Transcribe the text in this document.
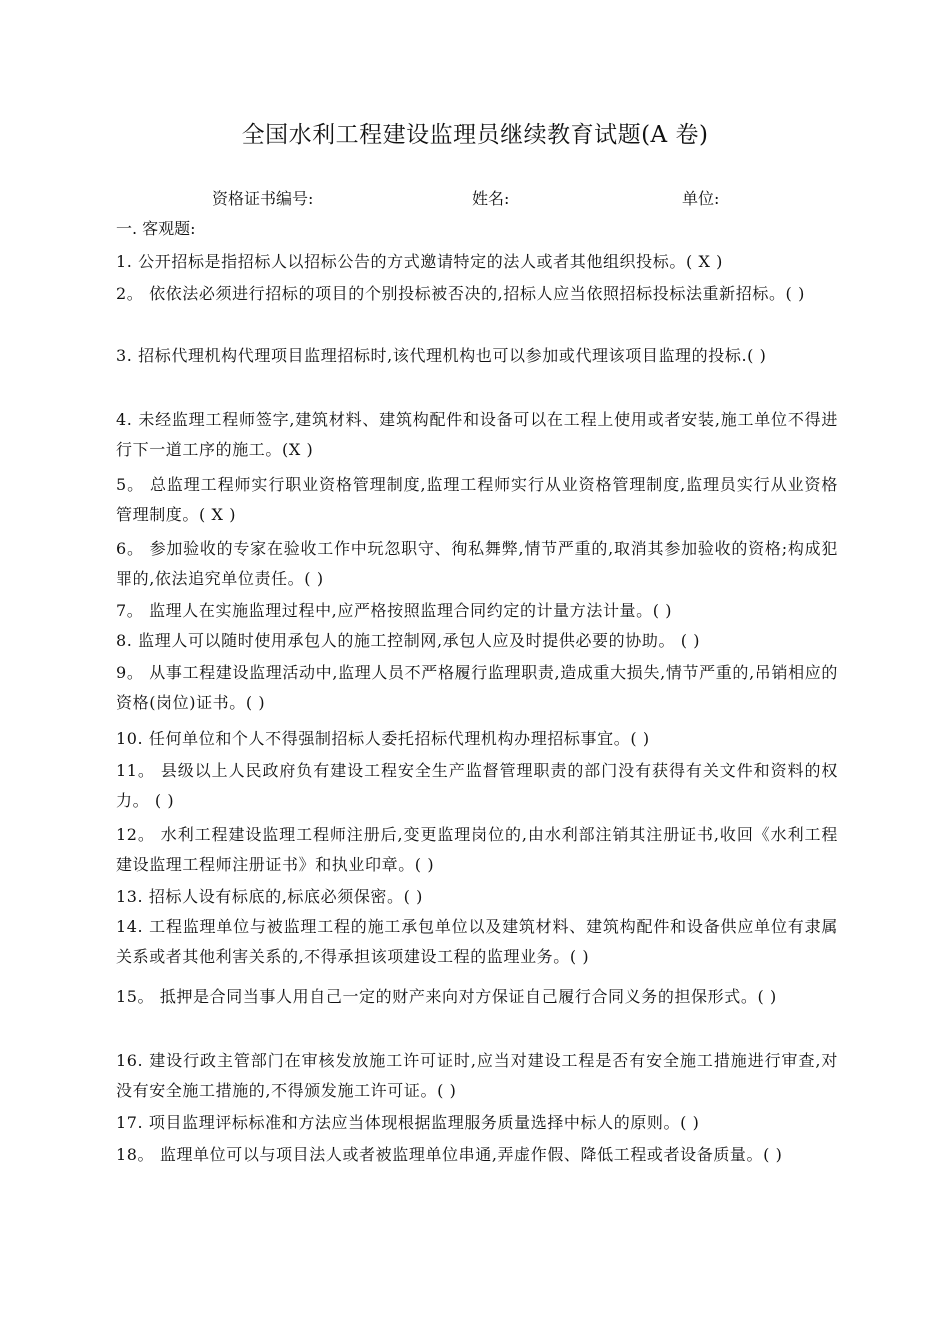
全国水利工程建设监理员继续教育试题(A 卷)
资格证书编号:	姓名:	单位:
一. 客观题:
1. 公开招标是指招标人以招标公告的方式邀请特定的法人或者其他组织投标。( X )
2。 依依法必须进行招标的项目的个别投标被否决的,招标人应当依照招标投标法重新招标。( )
3. 招标代理机构代理项目监理招标时,该代理机构也可以参加或代理该项目监理的投标.( )
4. 未经监理工程师签字,建筑材料、建筑构配件和设备可以在工程上使用或者安装,施工单位不得进行下一道工序的施工。(X )
5。 总监理工程师实行职业资格管理制度,监理工程师实行从业资格管理制度,监理员实行从业资格管理制度。( X )
6。 参加验收的专家在验收工作中玩忽职守、徇私舞弊,情节严重的,取消其参加验收的资格;构成犯罪的,依法追究单位责任。( )
7。 监理人在实施监理过程中,应严格按照监理合同约定的计量方法计量。( )
8. 监理人可以随时使用承包人的施工控制网,承包人应及时提供必要的协助。 ( )
9。 从事工程建设监理活动中,监理人员不严格履行监理职责,造成重大损失,情节严重的,吊销相应的资格(岗位)证书。( )
10. 任何单位和个人不得强制招标人委托招标代理机构办理招标事宜。( )
11。 县级以上人民政府负有建设工程安全生产监督管理职责的部门没有获得有关文件和资料的权力。 ( )
12。 水利工程建设监理工程师注册后,变更监理岗位的,由水利部注销其注册证书,收回《水利工程建设监理工程师注册证书》和执业印章。( )
13. 招标人设有标底的,标底必须保密。( )
14. 工程监理单位与被监理工程的施工承包单位以及建筑材料、建筑构配件和设备供应单位有隶属关系或者其他利害关系的,不得承担该项建设工程的监理业务。( )
15。 抵押是合同当事人用自己一定的财产来向对方保证自己履行合同义务的担保形式。( )
16. 建设行政主管部门在审核发放施工许可证时,应当对建设工程是否有安全施工措施进行审查,对没有安全施工措施的,不得颁发施工许可证。( )
17. 项目监理评标标准和方法应当体现根据监理服务质量选择中标人的原则。( )
18。 监理单位可以与项目法人或者被监理单位串通,弄虚作假、降低工程或者设备质量。( )
